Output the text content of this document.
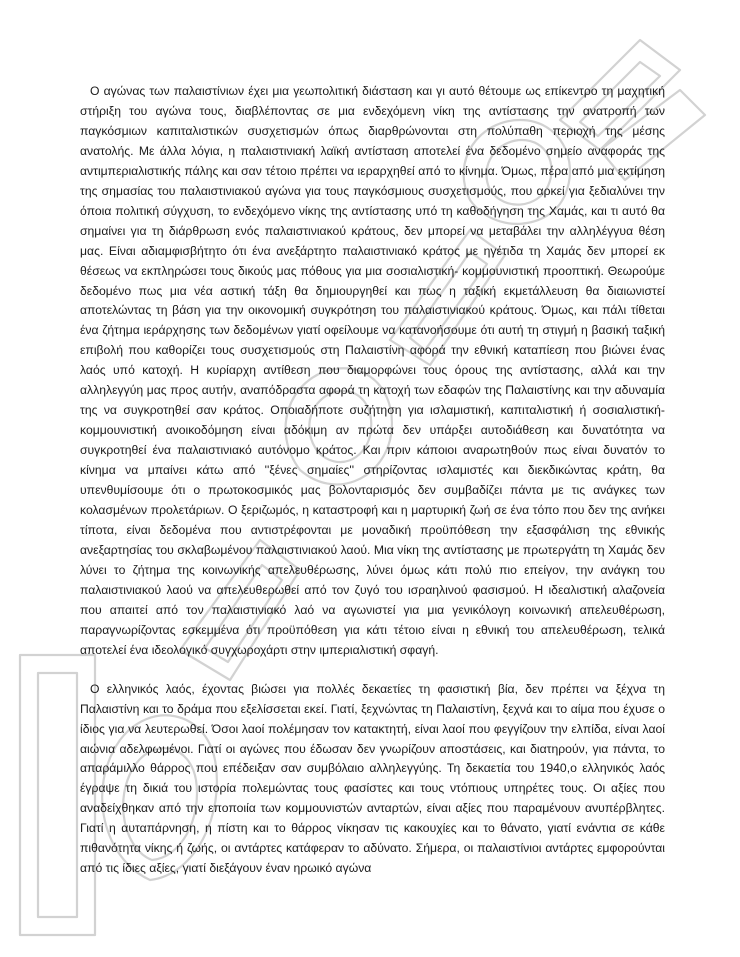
Ο αγώνας των παλαιστίνιων έχει μια γεωπολιτική διάσταση και γι αυτό θέτουμε ως επίκεντρο τη μαχητική στήριξη του αγώνα τους, διαβλέποντας σε μια ενδεχόμενη νίκη της αντίστασης την ανατροπή των παγκόσμιων καπιταλιστικών συσχετισμών όπως διαρθρώνονται στη πολύπαθη περιοχή της μέσης ανατολής. Με άλλα λόγια, η παλαιστινιακή λαϊκή αντίσταση αποτελεί ένα δεδομένο σημείο αναφοράς της αντιμπεριαλιστικής πάλης και σαν τέτοιο πρέπει να ιεραρχηθεί από το κίνημα. Όμως, πέρα από μια εκτίμηση της σημασίας του παλαιστινιακού αγώνα για τους παγκόσμιους συσχετισμούς, που αρκεί για ξεδιαλύνει την όποια πολιτική σύγχυση, το ενδεχόμενο νίκης της αντίστασης υπό τη καθοδήγηση της Χαμάς, και τι αυτό θα σημαίνει για τη διάρθρωση ενός παλαιστινιακού κράτους, δεν μπορεί να μεταβάλει την αλληλέγγυα θέση μας. Είναι αδιαμφισβήτητο ότι ένα ανεξάρτητο παλαιστινιακό κράτος με ηγέτιδα τη Χαμάς δεν μπορεί εκ θέσεως να εκπληρώσει τους δικούς μας πόθους για μια σοσιαλιστική- κομμουνιστική προοπτική. Θεωρούμε δεδομένο πως μια νέα αστική τάξη θα δημιουργηθεί και πως η ταξική εκμετάλλευση θα διαιωνιστεί αποτελώντας τη βάση για την οικονομική συγκρότηση του παλαιστινιακού κράτους. Όμως, και πάλι τίθεται ένα ζήτημα ιεράρχησης των δεδομένων γιατί οφείλουμε να κατανοήσουμε ότι αυτή τη στιγμή η βασική ταξική επιβολή που καθορίζει τους συσχετισμούς στη Παλαιστίνη αφορά την εθνική καταπίεση που βιώνει ένας λαός υπό κατοχή. Η κυρίαρχη αντίθεση που διαμορφώνει τους όρους της αντίστασης, αλλά και την αλληλεγγύη μας προς αυτήν, αναπόδραστα αφορά τη κατοχή των εδαφών της Παλαιστίνης και την αδυναμία της να συγκροτηθεί σαν κράτος. Οποιαδήποτε συζήτηση για ισλαμιστική, καπιταλιστική ή σοσιαλιστική- κομμουνιστική ανοικοδόμηση είναι αδόκιμη αν πρώτα δεν υπάρξει αυτοδιάθεση και δυνατότητα να συγκροτηθεί ένα παλαιστινιακό αυτόνομο κράτος. Και πριν κάποιοι αναρωτηθούν πως είναι δυνατόν το κίνημα να μπαίνει κάτω από ''ξένες σημαίες'' στηρίζοντας ισλαμιστές και διεκδικώντας κράτη, θα υπενθυμίσουμε ότι ο πρωτοκοσμικός μας βολονταρισμός δεν συμβαδίζει πάντα με τις ανάγκες των κολασμένων προλετάριων. Ο ξεριζωμός, η καταστροφή και η μαρτυρική ζωή σε ένα τόπο που δεν της ανήκει τίποτα, είναι δεδομένα που αντιστρέφονται με μοναδική προϋπόθεση την εξασφάλιση της εθνικής ανεξαρτησίας του σκλαβωμένου παλαιστινιακού λαού. Μια νίκη της αντίστασης με πρωτεργάτη τη Χαμάς δεν λύνει το ζήτημα της κοινωνικής απελευθέρωσης, λύνει όμως κάτι πολύ πιο επείγον, την ανάγκη του παλαιστινιακού λαού να απελευθερωθεί από τον ζυγό του ισραηλινού φασισμού. Η ιδεαλιστική αλαζονεία που απαιτεί από τον παλαιστινιακό λαό να αγωνιστεί για μια γενικόλογη κοινωνική απελευθέρωση, παραγνωρίζοντας εσκεμμένα ότι προϋπόθεση για κάτι τέτοιο είναι η εθνική του απελευθέρωση, τελικά αποτελεί ένα ιδεολογικό συγχωροχάρτι στην ιμπεριαλιστική σφαγή.

Ο ελληνικός λαός, έχοντας βιώσει για πολλές δεκαετίες τη φασιστική βία, δεν πρέπει να ξέχνα τη Παλαιστίνη και το δράμα που εξελίσσεται εκεί. Γιατί, ξεχνώντας τη Παλαιστίνη, ξεχνά και το αίμα που έχυσε ο ίδιος για να λευτερωθεί. Όσοι λαοί πολέμησαν τον κατακτητή, είναι λαοί που φεγγίζουν την ελπίδα, είναι λαοί αιώνια αδελφωμένοι. Γιατί οι αγώνες που έδωσαν δεν γνωρίζουν αποστάσεις, και διατηρούν, για πάντα, το απαράμιλλο θάρρος που επέδειξαν σαν συμβόλαιο αλληλεγγύης. Τη δεκαετία του 1940,ο ελληνικός λαός έγραψε τη δικιά του ιστορία πολεμώντας τους φασίστες και τους ντόπιους υπηρέτες τους. Οι αξίες που αναδείχθηκαν από την εποποιία των κομμουνιστών ανταρτών, είναι αξίες που παραμένουν ανυπέρβλητες. Γιατί η αυταπάρνηση, η πίστη και το θάρρος νίκησαν τις κακουχίες και το θάνατο, γιατί ενάντια σε κάθε πιθανότητα νίκης ή ζωής, οι αντάρτες κατάφεραν το αδύνατο. Σήμερα, οι παλαιστίνιοι αντάρτες εμφορούνται από τις ίδιες αξίες, γιατί διεξάγουν έναν ηρωικό αγώνα
